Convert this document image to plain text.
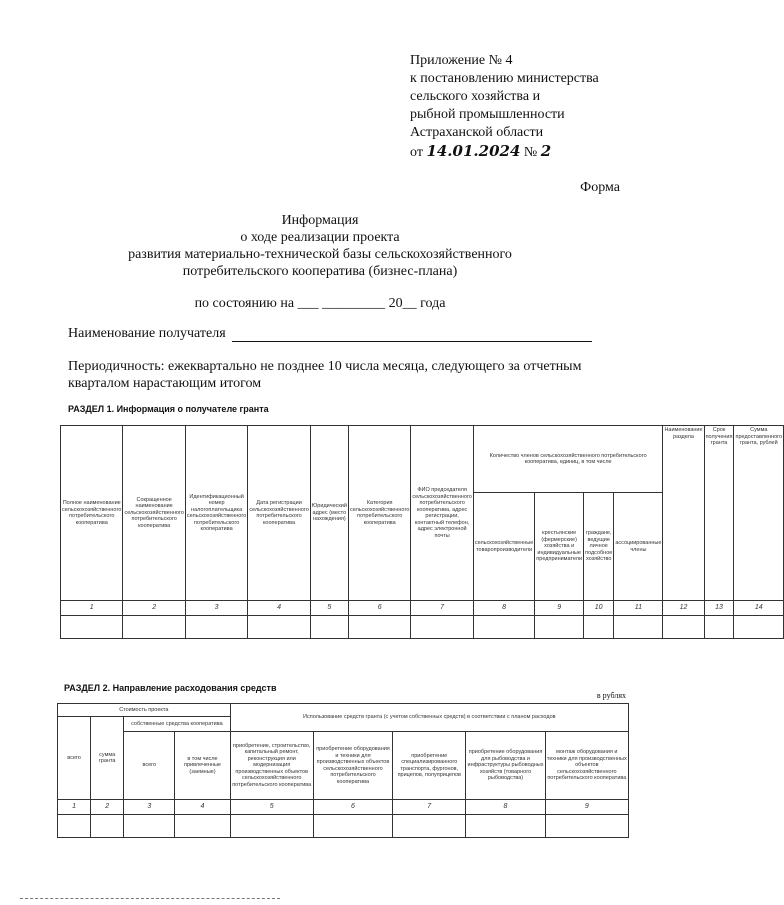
Приложение № 4
к постановлению министерства
сельского хозяйства и
рыбной промышленности
Астраханской области
от 14.01.2024 № 2
Форма
Информация
о ходе реализации проекта
развития материально-технической базы сельскохозяйственного
потребительского кооператива (бизнес-плана)
по состоянию на ___ _________ 20__ года
Наименование получателя
Периодичность: ежеквартально не позднее 10 числа месяца, следующего за отчетным кварталом нарастающим итогом
РАЗДЕЛ 1. Информация о получателе гранта
Полное наименование сельскохозяйственного потребительского кооператива	Сокращенное наименование сельскохозяйственного потребительского кооператива	Идентификационный номер налогоплательщика сельскохозяйственного потребительского кооператива	Дата регистрации сельскохозяйственного потребительского кооператива	Юридический адрес (место нахождения)	Категория сельскохозяйственного потребительского кооператива	ФИО председателя сельскохозяйственного потребительского кооператива, адрес регистрации, контактный телефон, адрес электронной почты	Количество членов сельскохозяйственного потребительского кооператива, единиц, в том числе				Наименование раздела	Срок получения гранта	Сумма предоставленного гранта, рублей
							сельскохозяйственные товаропроизводители	крестьянские (фермерские) хозяйства и индивидуальные предприниматели	граждане, ведущие личное подсобное хозяйство	ассоциированные члены			
1	2	3	4	5	6	7	8	9	10	11	12	13	14

РАЗДЕЛ 2. Направление расходования средств
в рублях
Стоимость проекта				Использование средств гранта (с учетом собственных средств) в соответствии с планом расходов				
всего	сумма гранта	собственные средства кооператива						
		всего	в том числе привлеченные (заемные)	приобретение, строительство, капитальный ремонт, реконструкция или модернизация производственных объектов сельскохозяйственного потребительского кооператива	приобретение оборудования и техники для производственных объектов сельскохозяйственного потребительского кооператива	приобретение специализированного транспорта, фургонов, прицепов, полуприцепов	приобретение оборудования для рыбоводства и инфраструктуры рыбоводных хозяйств (товарного рыбоводства)	монтаж оборудования и техники для производственных объектов сельскохозяйственного потребительского кооператива
1	2	3	4	5	6	7	8	9
